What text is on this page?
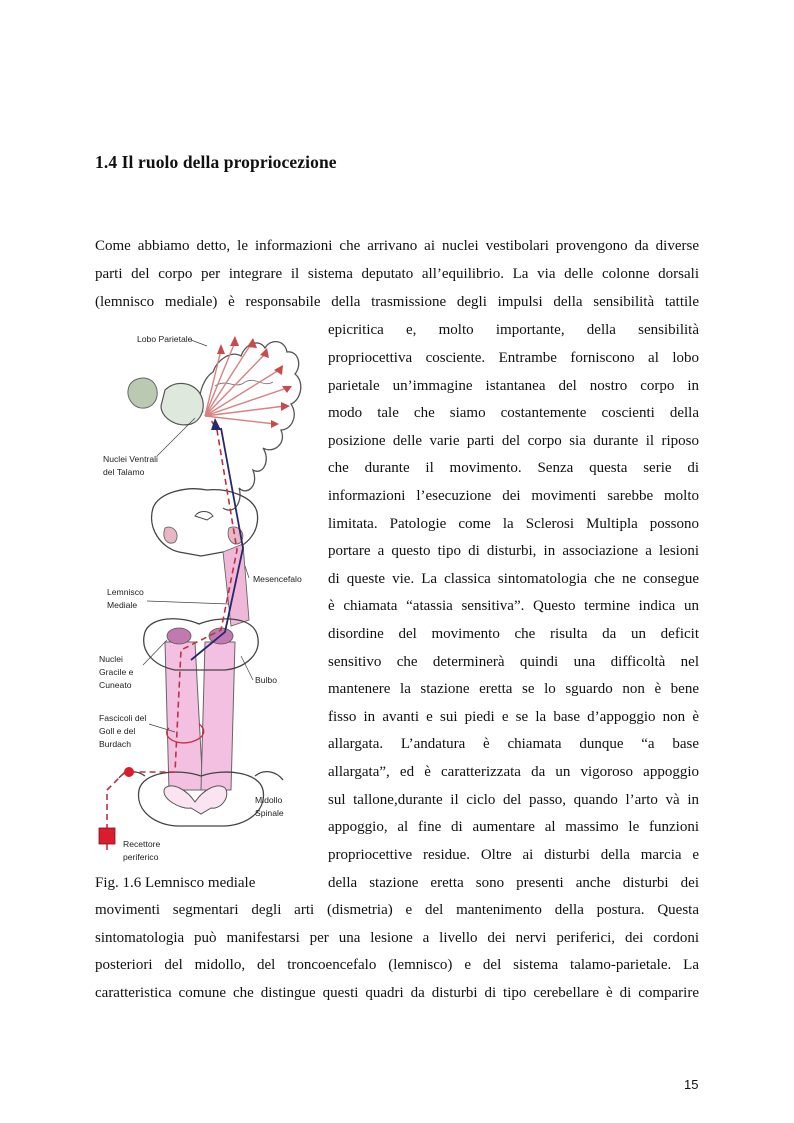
1.4 Il ruolo della propriocezione
Come abbiamo detto, le informazioni che arrivano ai nuclei vestibolari provengono da diverse
parti del corpo per integrare il sistema deputato all’equilibrio. La via delle colonne dorsali
(lemnisco mediale) è responsabile della trasmissione degli impulsi della sensibilità tattile
epicritica e, molto importante, della sensibilità
propriocettiva cosciente. Entrambe forniscono al lobo
parietale un’immagine istantanea del nostro corpo in
modo tale che siamo costantemente coscienti della
posizione delle varie parti del corpo sia durante il riposo
che durante il movimento. Senza questa serie di
informazioni l’esecuzione dei movimenti sarebbe molto
limitata. Patologie come la Sclerosi Multipla possono
portare a questo tipo di disturbi, in associazione a lesioni
di queste vie. La classica sintomatologia che ne consegue
è chiamata “atassia sensitiva”. Questo termine indica un
disordine del movimento che risulta da un deficit
sensitivo che determinerà quindi una difficoltà nel
mantenere la stazione eretta se lo sguardo non è bene
fisso in avanti e sui piedi e se la base d’appoggio non è
allargata. L’andatura è chiamata dunque “a base
allargata”, ed è caratterizzata da un vigoroso appoggio
sul tallone,durante il ciclo del passo, quando l’arto và in
appoggio, al fine di aumentare al massimo le funzioni
propriocettive residue. Oltre ai disturbi della marcia e
Fig. 1.6 Lemnisco mediale	della stazione eretta sono presenti anche disturbi dei
movimenti segmentari degli arti (dismetria) e del mantenimento della postura. Questa
sintomatologia può manifestarsi per una lesione a livello dei nervi periferici, dei cordoni
posteriori del midollo, del troncoencefalo (lemnisco) e del sistema talamo-parietale. La
caratteristica comune che distingue questi quadri da disturbi di tipo cerebellare è di comparire
Lobo Parietale
Nuclei Ventrali
del Talamo
Mesencefalo
Lemnisco
Mediale
Nuclei
Gracile e
Cuneato	Bulbo
Fascicoli del
Goll e del
Burdach
Midollo
Spinale
Recettore
periferico
15
